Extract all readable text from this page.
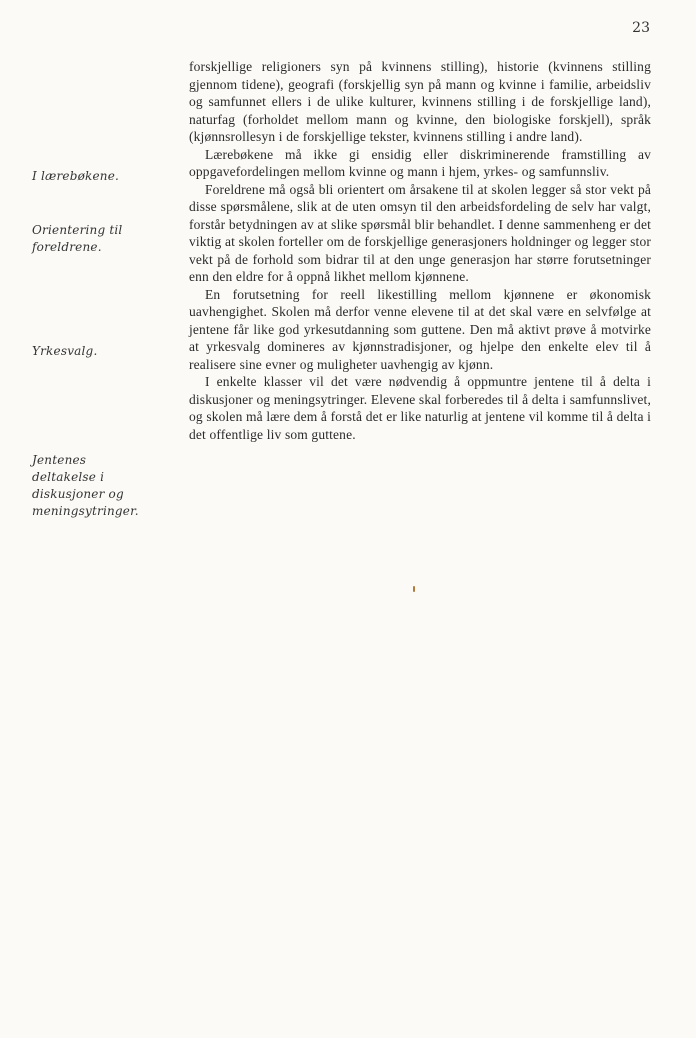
23
I lærebøkene.
Orientering til foreldrene.
Yrkesvalg.
Jentenes deltakelse i diskusjoner og meningsytringer.

forskjellige religioners syn på kvinnens stilling), historie (kvinnens stilling gjennom tidene), geografi (forskjellig syn på mann og kvinne i familie, arbeidsliv og samfunnet ellers i de ulike kulturer, kvinnens stilling i de forskjellige land), naturfag (forholdet mellom mann og kvinne, den biologiske forskjell), språk (kjønnsrollesyn i de forskjellige tekster, kvinnens stilling i andre land).

Lærebøkene må ikke gi ensidig eller diskriminerende framstilling av oppgavefordelingen mellom kvinne og mann i hjem, yrkes- og samfunnsliv.

Foreldrene må også bli orientert om årsakene til at skolen legger så stor vekt på disse spørsmålene, slik at de uten omsyn til den arbeidsfordeling de selv har valgt, forstår betydningen av at slike spørsmål blir behandlet. I denne sammenheng er det viktig at skolen forteller om de forskjellige generasjoners holdninger og legger stor vekt på de forhold som bidrar til at den unge generasjon har større forutsetninger enn den eldre for å oppnå likhet mellom kjønnene.

En forutsetning for reell likestilling mellom kjønnene er økonomisk uavhengighet. Skolen må derfor venne elevene til at det skal være en selvfølge at jentene får like god yrkesutdanning som guttene. Den må aktivt prøve å motvirke at yrkesvalg domineres av kjønnstradisjoner, og hjelpe den enkelte elev til å realisere sine evner og muligheter uavhengig av kjønn.

I enkelte klasser vil det være nødvendig å oppmuntre jentene til å delta i diskusjoner og meningsytringer. Elevene skal forberedes til å delta i samfunnslivet, og skolen må lære dem å forstå det er like naturlig at jentene vil komme til å delta i det offentlige liv som guttene.
